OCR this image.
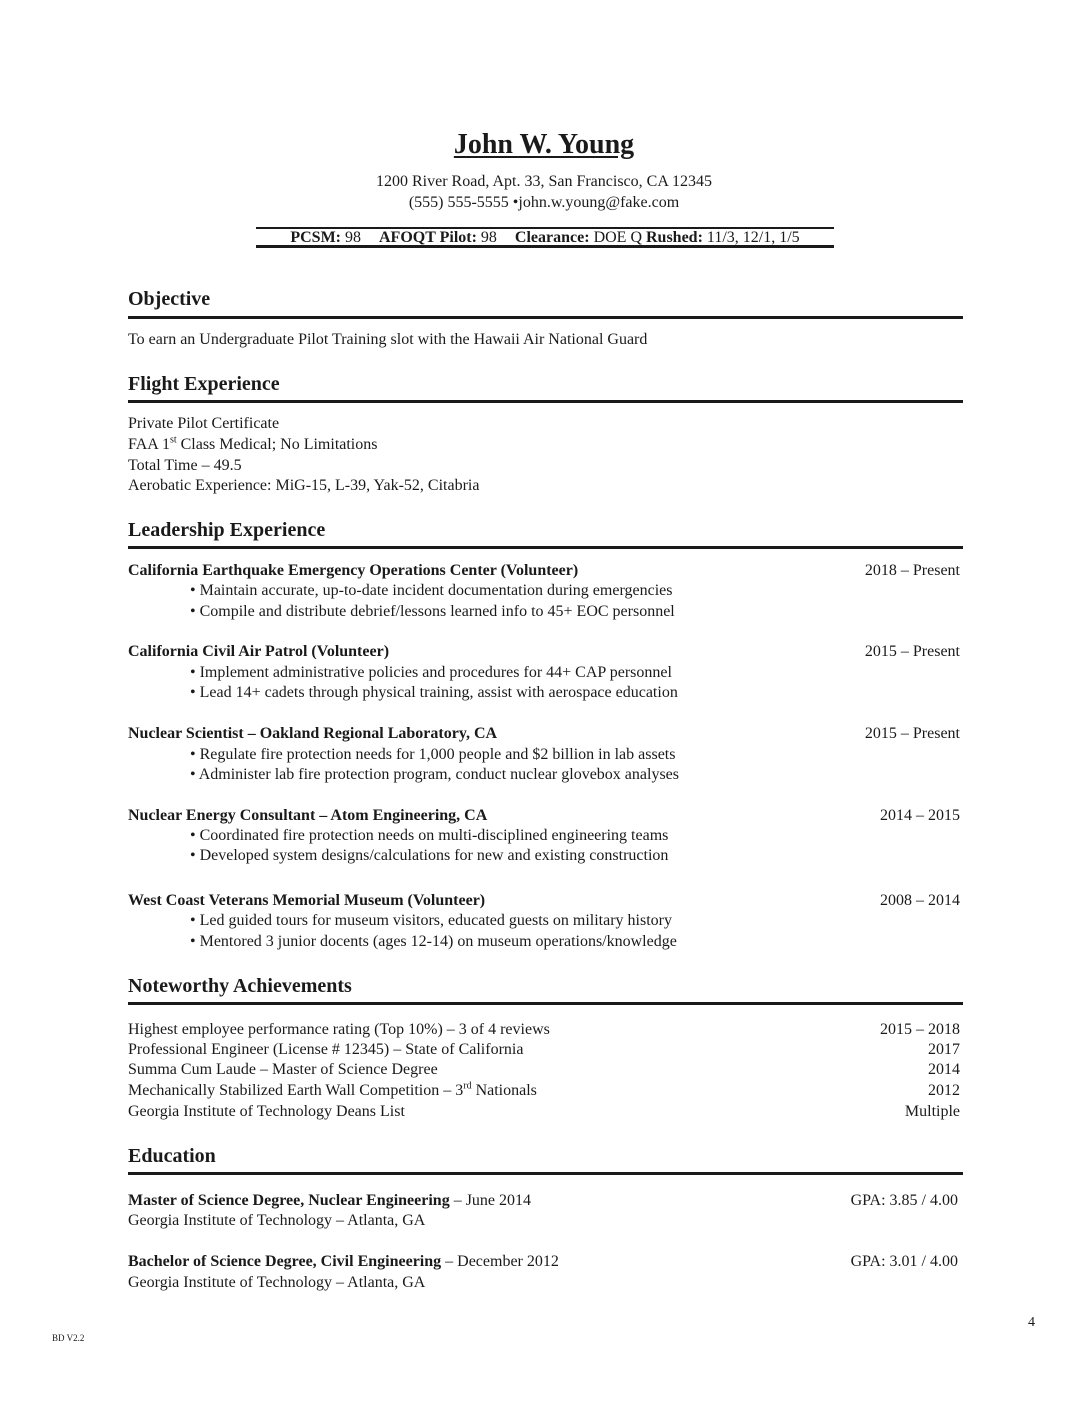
John W. Young
1200 River Road, Apt. 33, San Francisco, CA 12345
(555) 555-5555 •john.w.young@fake.com
PCSM: 98 AFOQT Pilot: 98 Clearance: DOE Q Rushed: 11/3, 12/1, 1/5
Objective
To earn an Undergraduate Pilot Training slot with the Hawaii Air National Guard
Flight Experience
Private Pilot Certificate
FAA 1st Class Medical; No Limitations
Total Time – 49.5
Aerobatic Experience: MiG-15, L-39, Yak-52, Citabria
Leadership Experience
California Earthquake Emergency Operations Center (Volunteer)	2018 – Present
• Maintain accurate, up-to-date incident documentation during emergencies
• Compile and distribute debrief/lessons learned info to 45+ EOC personnel
California Civil Air Patrol (Volunteer)	2015 – Present
• Implement administrative policies and procedures for 44+ CAP personnel
• Lead 14+ cadets through physical training, assist with aerospace education
Nuclear Scientist – Oakland Regional Laboratory, CA	2015 – Present
• Regulate fire protection needs for 1,000 people and $2 billion in lab assets
• Administer lab fire protection program, conduct nuclear glovebox analyses
Nuclear Energy Consultant – Atom Engineering, CA	2014 – 2015
• Coordinated fire protection needs on multi-disciplined engineering teams
• Developed system designs/calculations for new and existing construction
West Coast Veterans Memorial Museum (Volunteer)	2008 – 2014
• Led guided tours for museum visitors, educated guests on military history
• Mentored 3 junior docents (ages 12-14) on museum operations/knowledge
Noteworthy Achievements
Highest employee performance rating (Top 10%) – 3 of 4 reviews	2015 – 2018
Professional Engineer (License # 12345) – State of California	2017
Summa Cum Laude – Master of Science Degree	2014
Mechanically Stabilized Earth Wall Competition – 3rd Nationals	2012
Georgia Institute of Technology Deans List	Multiple
Education
Master of Science Degree, Nuclear Engineering – June 2014	GPA: 3.85 / 4.00
Georgia Institute of Technology – Atlanta, GA
Bachelor of Science Degree, Civil Engineering – December 2012	GPA: 3.01 / 4.00
Georgia Institute of Technology – Atlanta, GA
BD V2.2
4
